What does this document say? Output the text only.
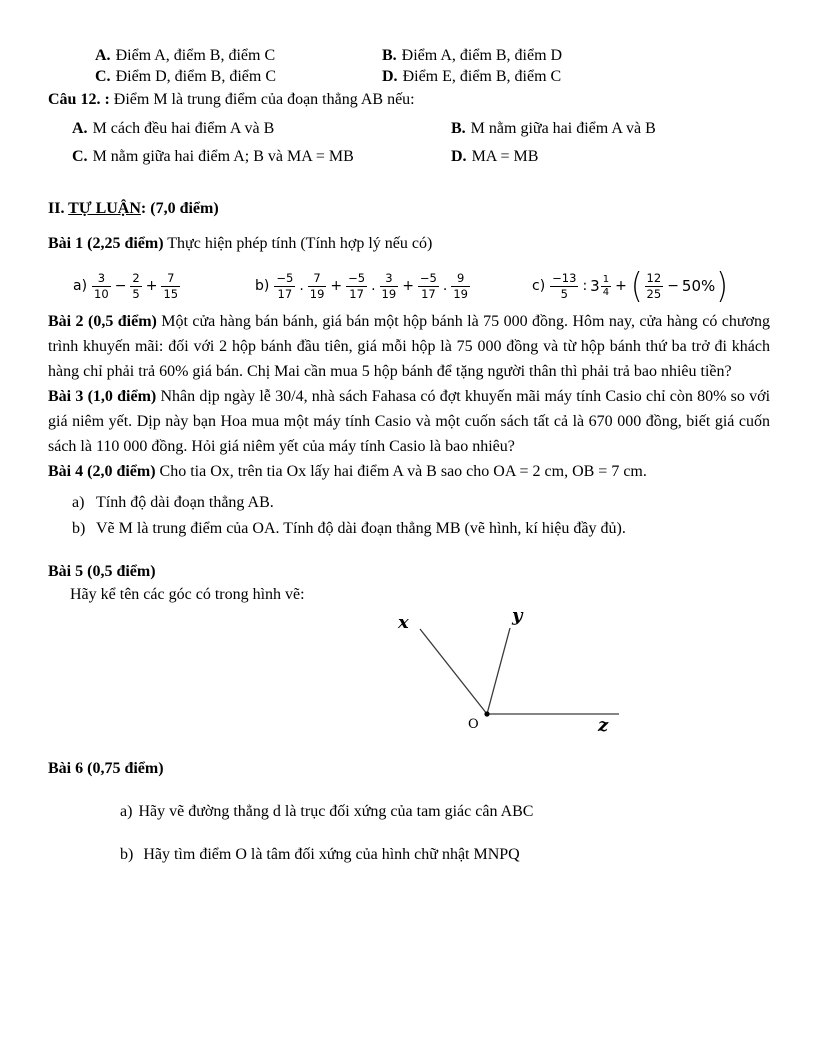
A. Điểm A, điểm B, điểm C	B. Điểm A, điểm B, điểm D
C. Điểm D, điểm B, điểm C	D. Điểm E, điểm B, điểm C
Câu 12. : Điểm M là trung điểm của đoạn thẳng AB nếu:
A. M cách đều hai điểm A và B	B. M nằm giữa hai điểm A và B
C. M nằm giữa hai điểm A; B và MA = MB	D. MA = MB
II. TỰ LUẬN: (7,0 điểm)
Bài 1 (2,25 điểm) Thực hiện phép tính (Tính hợp lý nếu có)
$a) \frac{3}{10} - \frac{2}{5} + \frac{7}{15}$	$b) \frac{-5}{17}$ . $\frac{7}{19} + \frac{-5}{17}$ . $\frac{3}{19} + \frac{-5}{17}$ . $\frac{9}{19}$	$c) \frac{-13}{5}$ : $3 \frac{1}{4}$ + ( $\frac{12}{25} - 50\%$ )

Bài 2 (0,5 điểm) Một cửa hàng bán bánh, giá bán một hộp bánh là 75 000 đồng. Hôm nay, cửa hàng có chương trình khuyến mãi: đối với 2 hộp bánh đầu tiên, giá mỗi hộp là 75 000 đồng và từ hộp bánh thứ ba trở đi khách hàng chỉ phải trả 60% giá bán. Chị Mai cần mua 5 hộp bánh để tặng người thân thì phải trả bao nhiêu tiền?

Bài 3 (1,0 điểm) Nhân dịp ngày lễ 30/4, nhà sách Fahasa có đợt khuyến mãi máy tính Casio chỉ còn 80% so với giá niêm yết. Dịp này bạn Hoa mua một máy tính Casio và một cuốn sách tất cả là 670 000 đồng, biết giá cuốn sách là 110 000 đồng. Hỏi giá niêm yết của máy tính Casio là bao nhiêu?

Bài 4 (2,0 điểm) Cho tia Ox, trên tia Ox lấy hai điểm A và B sao cho OA = 2 cm, OB = 7 cm.

a) Tính độ dài đoạn thẳng AB.
b) Vẽ M là trung điểm của OA. Tính độ dài đoạn thẳng MB (vẽ hình, kí hiệu đầy đủ).
Bài 5 (0,5 điểm)
Hãy kể tên các góc có trong hình vẽ:
x	y
O	z
Bài 6 (0,75 điểm)
a) Hãy vẽ đường thẳng d là trục đối xứng của tam giác cân ABC
b) Hãy tìm điểm O là tâm đối xứng của hình chữ nhật MNPQ
